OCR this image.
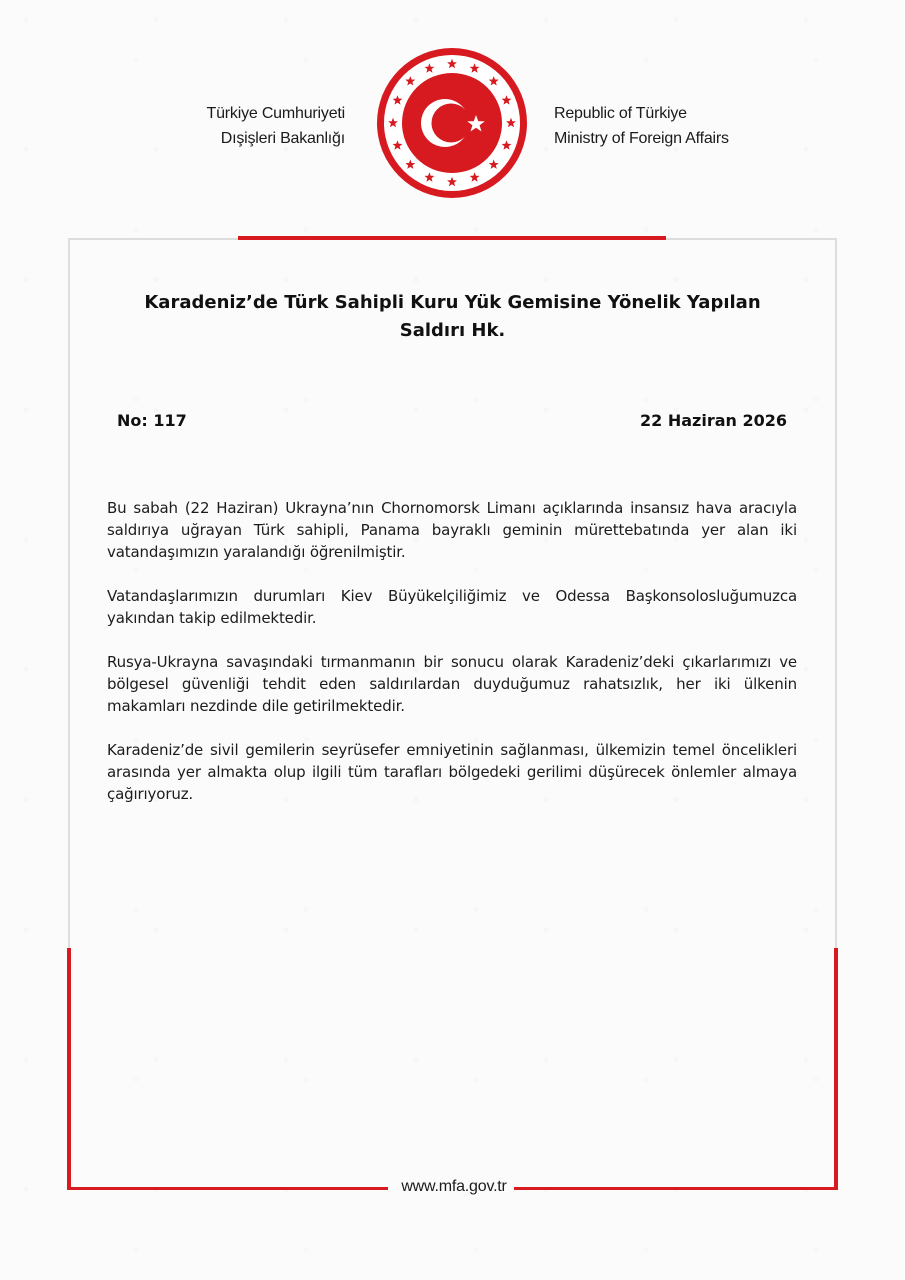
Türkiye Cumhuriyeti
Dışişleri Bakanlığı
Republic of Türkiye
Ministry of Foreign Affairs
Karadeniz’de Türk Sahipli Kuru Yük Gemisine Yönelik Yapılan
Saldırı Hk.
No: 117	22 Haziran 2026

Bu sabah (22 Haziran) Ukrayna’nın Chornomorsk Limanı açıklarında insansız hava aracıyla saldırıya uğrayan Türk sahipli, Panama bayraklı geminin mürettebatında yer alan iki vatandaşımızın yaralandığı öğrenilmiştir.

Vatandaşlarımızın durumları Kiev Büyükelçiliğimiz ve Odessa Başkonsolosluğumuzca yakından takip edilmektedir.

Rusya-Ukrayna savaşındaki tırmanmanın bir sonucu olarak Karadeniz’deki çıkarlarımızı ve bölgesel güvenliği tehdit eden saldırılardan duyduğumuz rahatsızlık, her iki ülkenin makamları nezdinde dile getirilmektedir.

Karadeniz’de sivil gemilerin seyrüsefer emniyetinin sağlanması, ülkemizin temel öncelikleri arasında yer almakta olup ilgili tüm tarafları bölgedeki gerilimi düşürecek önlemler almaya çağırıyoruz.

www.mfa.gov.tr
